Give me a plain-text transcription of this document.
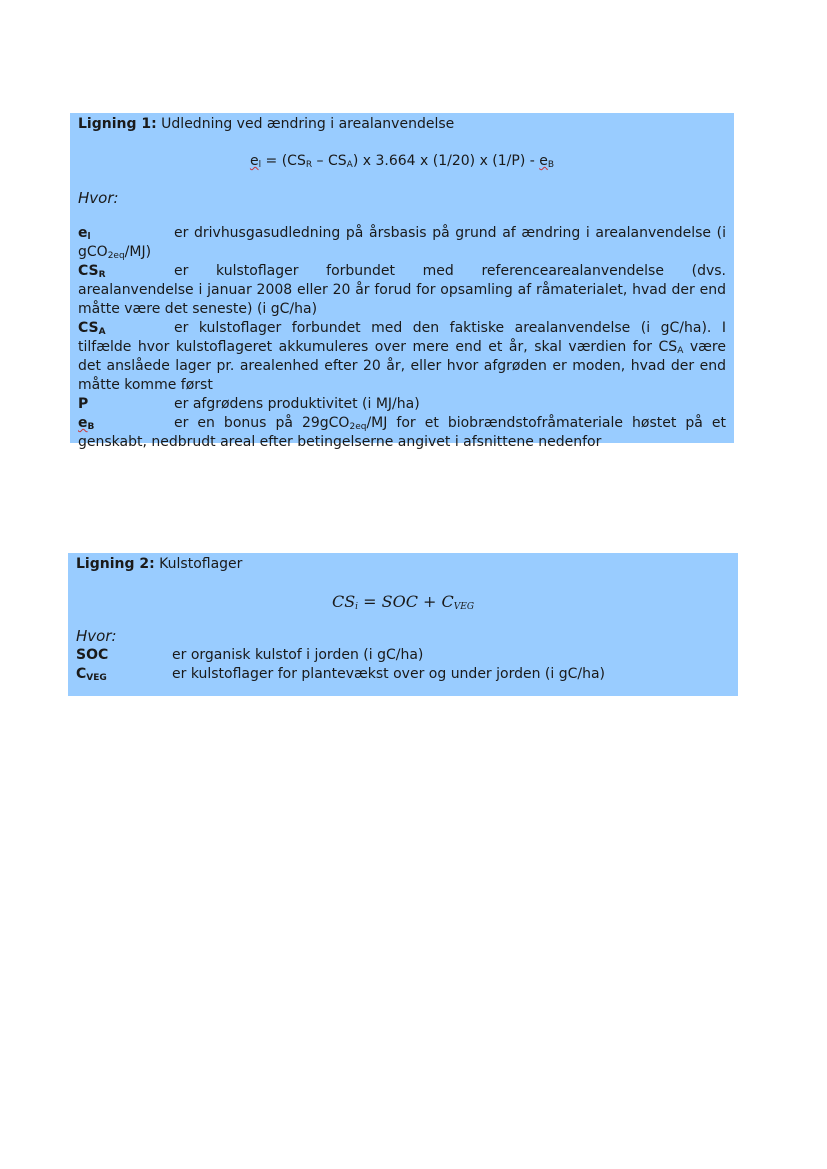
Ligning 1: Udledning ved ændring i arealanvendelse

$e_l = (CS_R - CS_A)$ x 3.664 x (1/20) x $(1/P) - e_B$
Hvor:
$e_l$	er drivhusgasudledning på årsbasis på grund af ændring i arealanvendelse (i gCO$_{2eq}$/MJ)
$CS_R$	er kulstoflager forbundet med referencearealanvendelse (dvs. arealanvendelse i januar 2008 eller 20 år forud for opsamling af råmaterialet, hvad der end måtte være det seneste) (i gC/ha)
$CS_A$	er kulstoflager forbundet med den faktiske arealanvendelse (i gC/ha). I tilfælde hvor kulstoflageret akkumuleres over mere end et år, skal værdien for $CS_A$ være det anslåede lager pr. arealenhed efter 20 år, eller hvor afgrøden er moden, hvad der end måtte komme først
P	er afgrødens produktivitet (i MJ/ha)
$e_B$	er en bonus på 29gCO$_{2eq}$/MJ for et biobrændstofråmateriale høstet på et genskabt, nedbrudt areal efter betingelserne angivet i afsnittene nedenfor

Ligning 2: Kulstoflager

$CS_i$ = SOC + $C_{VEG}$
Hvor:
SOC	er organisk kulstof i jorden (i gC/ha)
$C_{VEG}$	er kulstoflager for plantevækst over og under jorden (i gC/ha)
